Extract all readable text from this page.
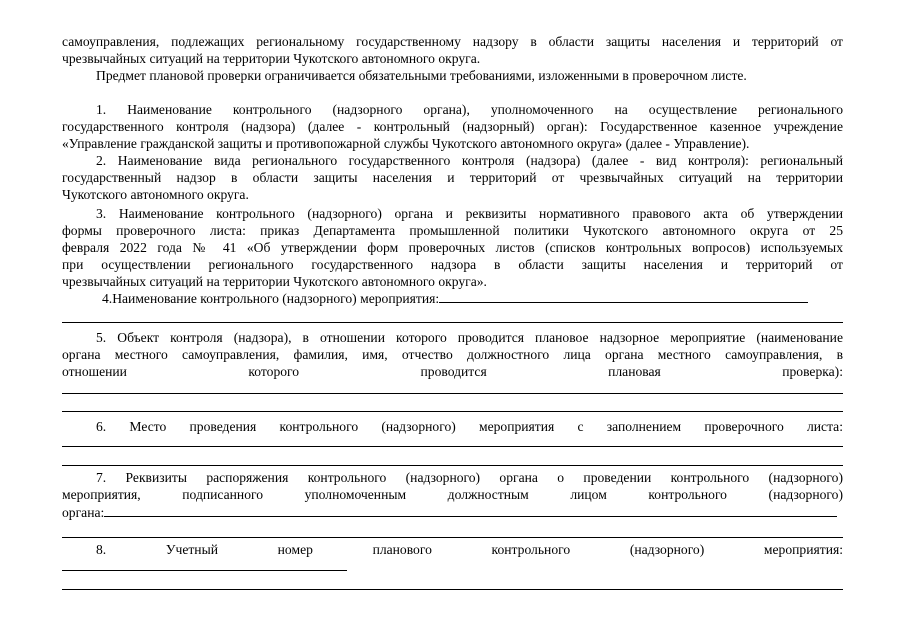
самоуправления, подлежащих региональному государственному надзору в области защиты населения и территорий от
чрезвычайных ситуаций на территории Чукотского автономного округа.
Предмет плановой проверки ограничивается обязательными требованиями, изложенными в проверочном листе.
1. Наименование контрольного (надзорного органа), уполномоченного на осуществление регионального
государственного контроля (надзора) (далее - контрольный (надзорный) орган): Государственное казенное учреждение
«Управление гражданской защиты и противопожарной службы Чукотского автономного округа» (далее - Управление).
2. Наименование вида регионального государственного контроля (надзора) (далее - вид контроля): региональный
государственный надзор в области защиты населения и территорий от чрезвычайных ситуаций на территории
Чукотского автономного округа.
3. Наименование контрольного (надзорного) органа и реквизиты нормативного правового акта об утверждении
формы проверочного листа: приказ Департамента промышленной политики Чукотского автономного округа от 25
февраля 2022 года № 41 «Об утверждении форм проверочных листов (списков контрольных вопросов) используемых
при осуществлении регионального государственного надзора в области защиты населения и территорий от
чрезвычайных ситуаций на территории Чукотского автономного округа».
4.Наименование контрольного (надзорного) мероприятия:
5. Объект контроля (надзора), в отношении которого проводится плановое надзорное мероприятие (наименование
органа местного самоуправления, фамилия, имя, отчество должностного лица органа местного самоуправления, в
отношении которого проводится плановая проверка):
6. Место проведения контрольного (надзорного) мероприятия с заполнением проверочного листа:
7. Реквизиты распоряжения контрольного (надзорного) органа о проведении контрольного (надзорного)
мероприятия, подписанного уполномоченным должностным лицом контрольного (надзорного)
органа:
8. Учетный номер планового контрольного (надзорного) мероприятия:
